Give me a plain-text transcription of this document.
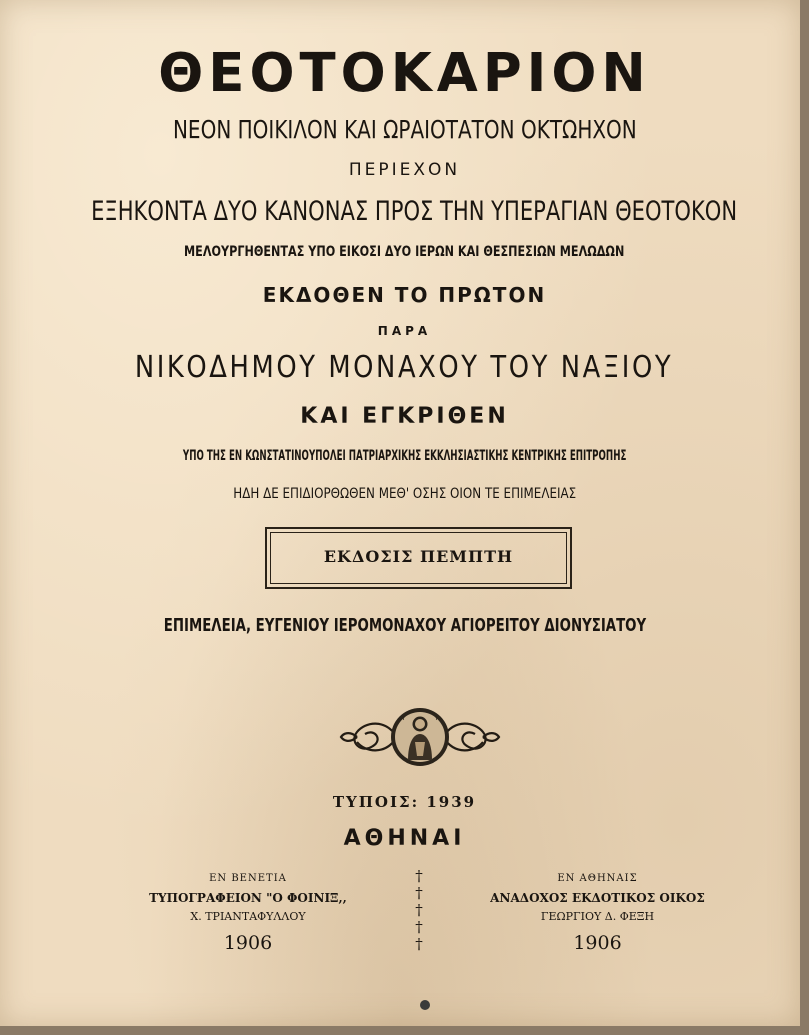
ΘΕΟΤΟΚΑΡΙΟΝ
ΝΕΟΝ ΠΟΙΚΙΛΟΝ ΚΑΙ ΩΡΑΙΟΤΑΤΟΝ ΟΚΤΩΗΧΟΝ
ΠΕΡΙΕΧΟΝ
ΕΞΗΚΟΝΤΑ ΔΥΟ ΚΑΝΟΝΑΣ ΠΡΟΣ ΤΗΝ ΥΠΕΡΑΓΙΑΝ ΘΕΟΤΟΚΟΝ
ΜΕΛΟΥΡΓΗΘΕΝΤΑΣ ΥΠΟ ΕΙΚΟΣΙ ΔΥΟ ΙΕΡΩΝ ΚΑΙ ΘΕΣΠΕΣΙΩΝ ΜΕΛΩΔΩΝ
ΕΚΔΟΘΕΝ ΤΟ ΠΡΩΤΟΝ
ΠΑΡΑ
ΝΙΚΟΔΗΜΟΥ ΜΟΝΑΧΟΥ ΤΟΥ ΝΑΞΙΟΥ
ΚΑΙ ΕΓΚΡΙΘΕΝ
ΥΠΟ ΤΗΣ ΕΝ ΚΩΝΣΤΑΤΙΝΟΥΠΟΛΕΙ ΠΑΤΡΙΑΡΧΙΚΗΣ ΕΚΚΛΗΣΙΑΣΤΙΚΗΣ ΚΕΝΤΡΙΚΗΣ ΕΠΙΤΡΟΠΗΣ
ΗΔΗ ΔΕ ΕΠΙΔΙΟΡΘΩΘΕΝ ΜΕΘ' ΟΣΗΣ ΟΙΟΝ ΤΕ ΕΠΙΜΕΛΕΙΑΣ
ΕΚΔΟΣΙΣ ΠΕΜΠΤΗ
ΕΠΙΜΕΛΕΙΑ, ΕΥΓΕΝΙΟΥ ΙΕΡΟΜΟΝΑΧΟΥ ΑΓΙΟΡΕΙΤΟΥ ΔΙΟΝΥΣΙΑΤΟΥ
✝	✝
ΤΥΠΟΙΣ: 1939
ΑΘΗΝΑΙ
ΕΝ ΒΕΝΕΤΙΑ
ΤΥΠΟΓΡΑΦΕΙΟΝ "Ο ΦΟΙΝΙΞ,,
Χ. ΤΡΙΑΝΤΑΦΥΛΛΟΥ
1906
†
†
†
†
†
ΕΝ ΑΘΗΝΑΙΣ
ΑΝΑΔΟΧΟΣ ΕΚΔΟΤΙΚΟΣ ΟΙΚΟΣ
ΓΕΩΡΓΙΟΥ Δ. ΦΕΞΗ
1906
